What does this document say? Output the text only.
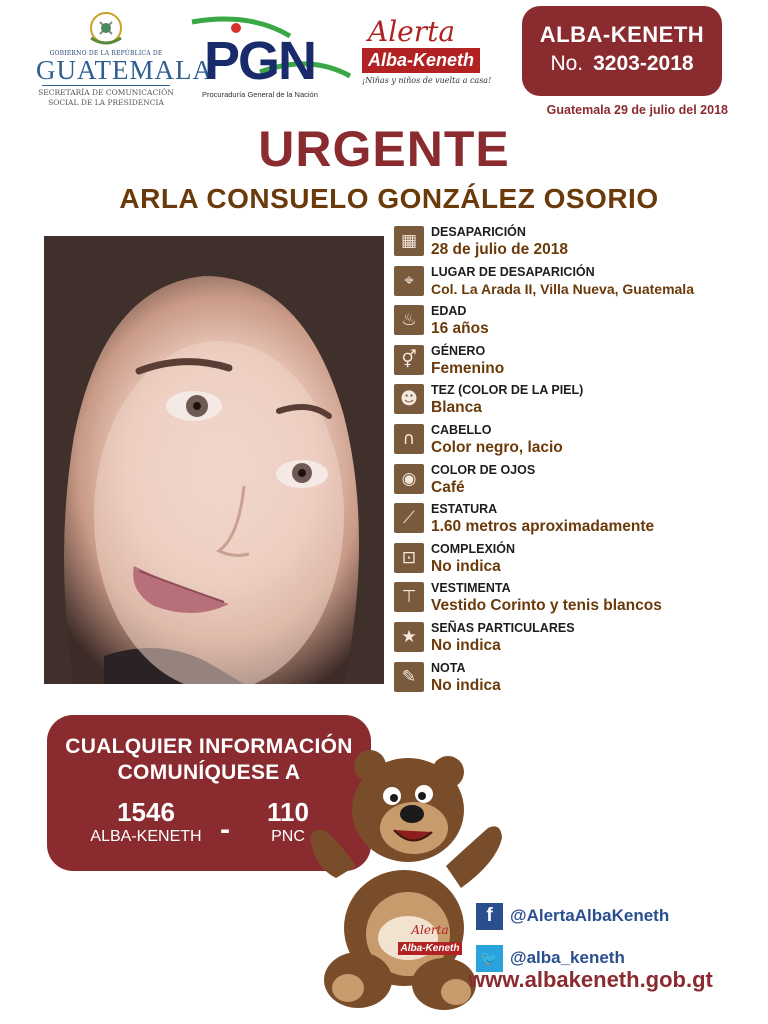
GOBIERNO DE LA REPÚBLICA DE
GUATEMALA
SECRETARÍA DE COMUNICACIÓN
SOCIAL DE LA PRESIDENCIA
PGN
Procuraduría General de la Nación
Alerta
Alba-Keneth
¡Niñas y niños de vuelta a casa!
ALBA-KENETH
No. 3203-2018
Guatemala 29 de julio del 2018
URGENTE
ARLA CONSUELO GONZÁLEZ OSORIO
▦	DESAPARICIÓN
28 de julio de 2018
⌖	LUGAR DE DESAPARICIÓN
Col. La Arada II, Villa Nueva, Guatemala
♨	EDAD
16 años
⚥	GÉNERO
Femenino
☻	TEZ (COLOR DE LA PIEL)
Blanca
∩	CABELLO
Color negro, lacio
◉	COLOR DE OJOS
Café
⟋	ESTATURA
1.60 metros aproximadamente
⊡	COMPLEXIÓN
No indica
⊤	VESTIMENTA
Vestido Corinto y tenis blancos
★	SEÑAS PARTICULARES
No indica
✎	NOTA
No indica
CUALQUIER INFORMACIÓN
COMUNÍQUESE A
1546
ALBA-KENETH -
110
PNC
Alerta
Alba-Keneth
f	@AlertaAlbaKeneth
🐦 @alba_keneth
www.albakeneth.gob.gt
